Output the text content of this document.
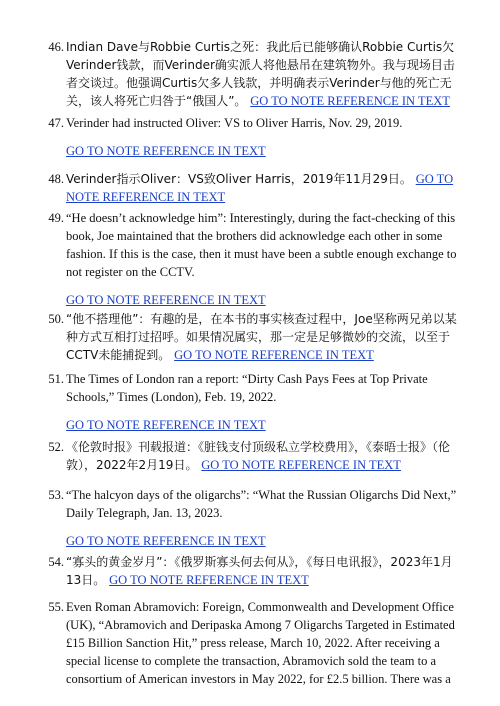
46. Indian Dave与Robbie Curtis之死：我此后已能够确认Robbie Curtis欠Verinder钱款，而Verinder确实派人将他悬吊在建筑物外。我与现场目击者交谈过。他强调Curtis欠多人钱款，并明确表示Verinder与他的死亡无关，该人将死亡归咎于“俄国人”。 GO TO NOTE REFERENCE IN TEXT
47. Verinder had instructed Oliver: VS to Oliver Harris, Nov. 29, 2019.
GO TO NOTE REFERENCE IN TEXT
48. Verinder指示Oliver：VS致Oliver Harris，2019年11月29日。 GO TO NOTE REFERENCE IN TEXT
49. “He doesn’t acknowledge him”: Interestingly, during the fact-checking of this book, Joe maintained that the brothers did acknowledge each other in some fashion. If this is the case, then it must have been a subtle enough exchange to not register on the CCTV.
GO TO NOTE REFERENCE IN TEXT
50. “他不搭理他”：有趣的是，在本书的事实核查过程中，Joe坚称两兄弟以某种方式互相打过招呼。如果情况属实，那一定是足够微妙的交流，以至于CCTV未能捕捉到。 GO TO NOTE REFERENCE IN TEXT
51. The Times of London ran a report: “Dirty Cash Pays Fees at Top Private Schools,” Times (London), Feb. 19, 2022.
GO TO NOTE REFERENCE IN TEXT
52. 《伦敦时报》刊载报道：《脏钱支付顶级私立学校费用》，《泰晤士报》（伦敦），2022年2月19日。 GO TO NOTE REFERENCE IN TEXT
53. “The halcyon days of the oligarchs”: “What the Russian Oligarchs Did Next,” Daily Telegraph, Jan. 13, 2023.
GO TO NOTE REFERENCE IN TEXT
54. “寡头的黄金岁月”：《俄罗斯寡头何去何从》，《每日电讯报》，2023年1月13日。 GO TO NOTE REFERENCE IN TEXT
55. Even Roman Abramovich: Foreign, Commonwealth and Development Office (UK), “Abramovich and Deripaska Among 7 Oligarchs Targeted in Estimated £15 Billion Sanction Hit,” press release, March 10, 2022. After receiving a special license to complete the transaction, Abramovich sold the team to a consortium of American investors in May 2022, for £2.5 billion. There was a
